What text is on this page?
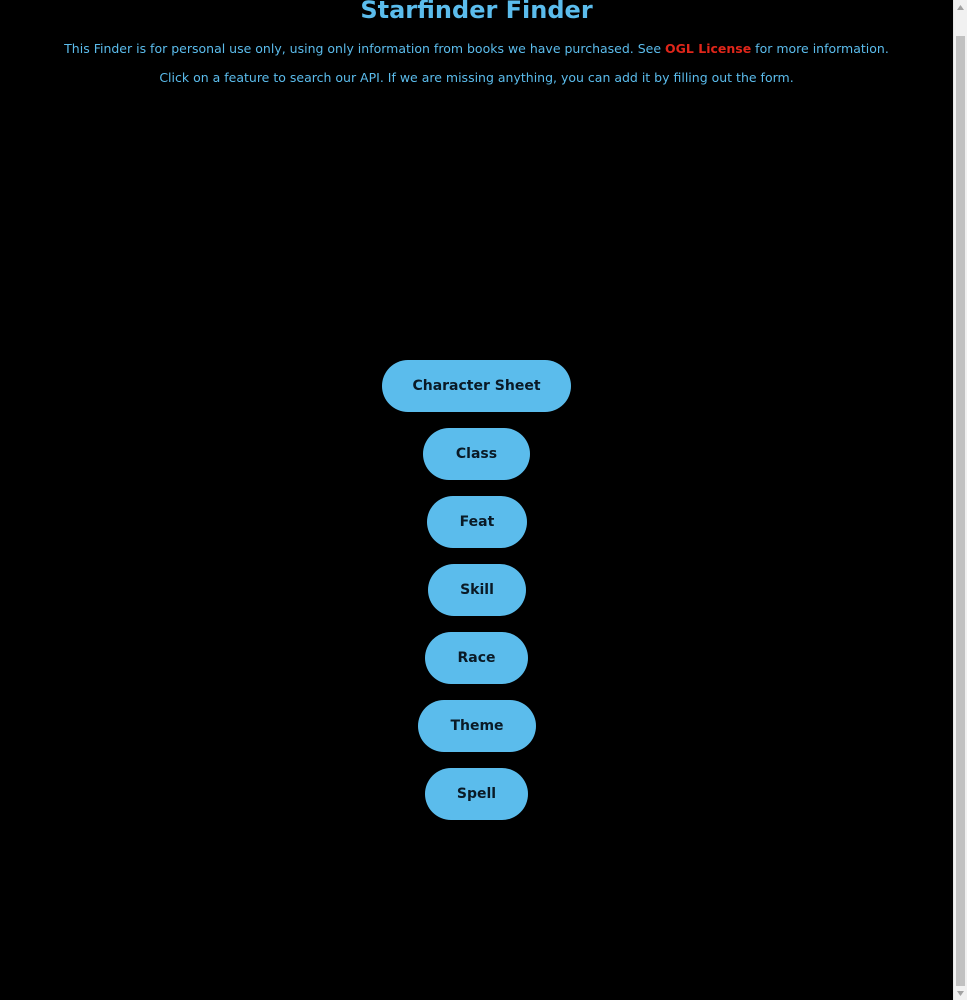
Starfinder Finder
This Finder is for personal use only, using only information from books we have purchased. See OGL License for more information.
Click on a feature to search our API. If we are missing anything, you can add it by filling out the form.
Character Sheet
Class
Feat
Skill
Race
Theme
Spell
